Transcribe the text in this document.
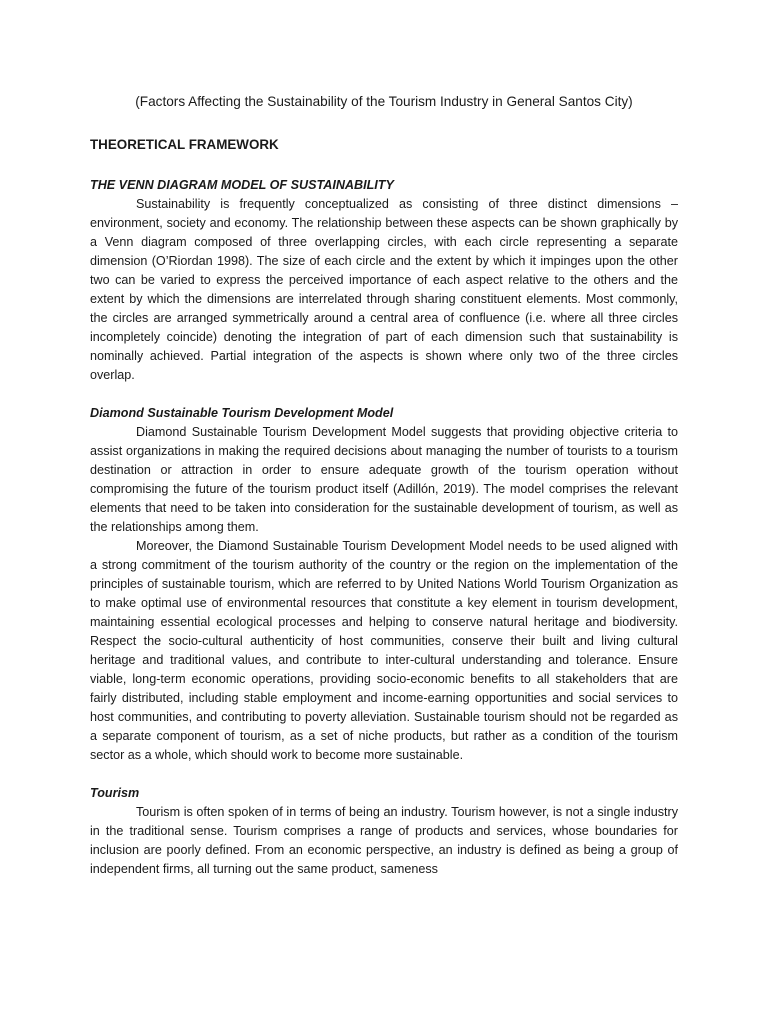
(Factors Affecting the Sustainability of the Tourism Industry in General Santos City)

THEORETICAL FRAMEWORK

THE VENN DIAGRAM MODEL OF SUSTAINABILITY

Sustainability is frequently conceptualized as consisting of three distinct dimensions – environment, society and economy. The relationship between these aspects can be shown graphically by a Venn diagram composed of three overlapping circles, with each circle representing a separate dimension (O’Riordan 1998). The size of each circle and the extent by which it impinges upon the other two can be varied to express the perceived importance of each aspect relative to the others and the extent by which the dimensions are interrelated through sharing constituent elements. Most commonly, the circles are arranged symmetrically around a central area of confluence (i.e. where all three circles incompletely coincide) denoting the integration of part of each dimension such that sustainability is nominally achieved. Partial integration of the aspects is shown where only two of the three circles overlap.

Diamond Sustainable Tourism Development Model

Diamond Sustainable Tourism Development Model suggests that providing objective criteria to assist organizations in making the required decisions about managing the number of tourists to a tourism destination or attraction in order to ensure adequate growth of the tourism operation without compromising the future of the tourism product itself (Adillón, 2019). The model comprises the relevant elements that need to be taken into consideration for the sustainable development of tourism, as well as the relationships among them.

Moreover, the Diamond Sustainable Tourism Development Model needs to be used aligned with a strong commitment of the tourism authority of the country or the region on the implementation of the principles of sustainable tourism, which are referred to by United Nations World Tourism Organization as to make optimal use of environmental resources that constitute a key element in tourism development, maintaining essential ecological processes and helping to conserve natural heritage and biodiversity. Respect the socio-cultural authenticity of host communities, conserve their built and living cultural heritage and traditional values, and contribute to inter-cultural understanding and tolerance. Ensure viable, long-term economic operations, providing socio-economic benefits to all stakeholders that are fairly distributed, including stable employment and income-earning opportunities and social services to host communities, and contributing to poverty alleviation. Sustainable tourism should not be regarded as a separate component of tourism, as a set of niche products, but rather as a condition of the tourism sector as a whole, which should work to become more sustainable.

Tourism

Tourism is often spoken of in terms of being an industry. Tourism however, is not a single industry in the traditional sense. Tourism comprises a range of products and services, whose boundaries for inclusion are poorly defined. From an economic perspective, an industry is defined as being a group of independent firms, all turning out the same product, sameness
